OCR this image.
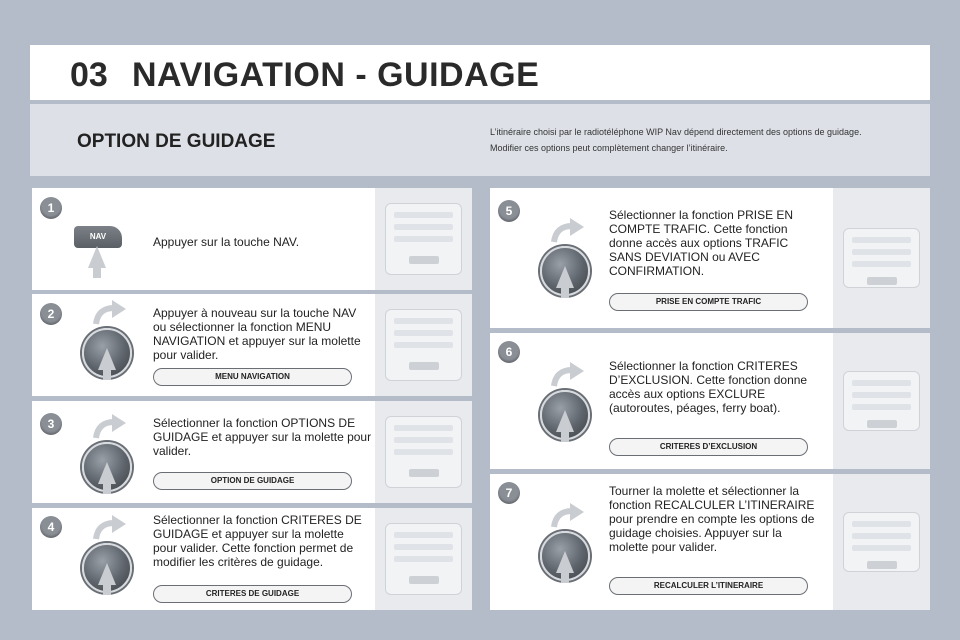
03 NAVIGATION - GUIDAGE
OPTION DE GUIDAGE	L’itinéraire choisi par le radiotéléphone WIP Nav dépend directement des options de guidage.

Modifier ces options peut complètement changer l’itinéraire.

1
NAV	Appuyer sur la touche NAV.
2	Appuyer à nouveau sur la touche NAV ou sélectionner la fonction MENU NAVIGATION et appuyer sur la molette pour valider.
MENU NAVIGATION
3	Sélectionner la fonction OPTIONS DE GUIDAGE et appuyer sur la molette pour valider.
OPTION DE GUIDAGE
4	Sélectionner la fonction CRITERES DE GUIDAGE et appuyer sur la molette pour valider. Cette fonction permet de modifier les critères de guidage.
CRITERES DE GUIDAGE
5	Sélectionner la fonction PRISE EN COMPTE TRAFIC. Cette fonction donne accès aux options TRAFIC SANS DEVIATION ou AVEC CONFIRMATION.
PRISE EN COMPTE TRAFIC
6
Sélectionner la fonction CRITERES D’EXCLUSION. Cette fonction donne accès aux options EXCLURE (autoroutes, péages, ferry boat).
CRITERES D’EXCLUSION
7	Tourner la molette et sélectionner la fonction RECALCULER L’ITINERAIRE pour prendre en compte les options de guidage choisies. Appuyer sur la molette pour valider.
RECALCULER L’ITINERAIRE
